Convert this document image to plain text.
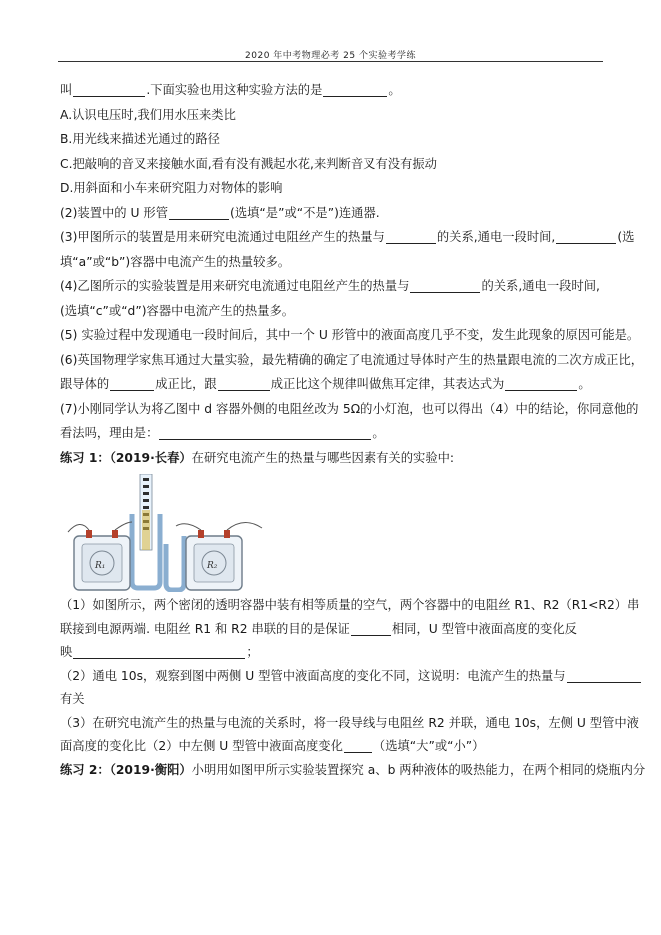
2020 年中考物理必考 25 个实验考学练
叫	.下面实验也用这种实验方法的是	。
A.认识电压时,我们用水压来类比
B.用光线来描述光通过的路径
C.把敲响的音叉来接触水面,看有没有溅起水花,来判断音叉有没有振动
D.用斜面和小车来研究阻力对物体的影响
(2)装置中的 U 形管	(选填“是”或“不是”)连通器.
(3)甲图所示的装置是用来研究电流通过电阻丝产生的热量与	的关系,通电一段时间,	(选
填“a”或“b”)容器中电流产生的热量较多。
(4)乙图所示的实验装置是用来研究电流通过电阻丝产生的热量与	的关系,通电一段时间,
(选填“c”或“d”)容器中电流产生的热量多。
(5) 实验过程中发现通电一段时间后，其中一个 U 形管中的液面高度几乎不变，发生此现象的原因可能是。
(6)英国物理学家焦耳通过大量实验，最先精确的确定了电流通过导体时产生的热量跟电流的二次方成正比，
跟导体的	成正比，跟	成正比这个规律叫做焦耳定律，其表达式为	。
(7)小刚同学认为将乙图中 d 容器外侧的电阻丝改为 5Ω的小灯泡，也可以得出（4）中的结论，你同意他的
看法吗，理由是：	。
练习 1：（2019·长春）在研究电流产生的热量与哪些因素有关的实验中:
R₁	R₂
（1）如图所示，两个密闭的透明容器中装有相等质量的空气，两个容器中的电阻丝 R1、R2（R1<R2）串
联接到电源两端. 电阻丝 R1 和 R2 串联的目的是保证	相同，U 型管中液面高度的变化反
映	；
（2）通电 10s，观察到图中两侧 U 型管中液面高度的变化不同，这说明：电流产生的热量与
有关
（3）在研究电流产生的热量与电流的关系时，将一段导线与电阻丝 R2 并联，通电 10s，左侧 U 型管中液
面高度的变化比（2）中左侧 U 型管中液面高度变化 （选填“大”或“小”）
练习 2：（2019·衡阳）小明用如图甲所示实验装置探究 a、b 两种液体的吸热能力，在两个相同的烧瓶内分
